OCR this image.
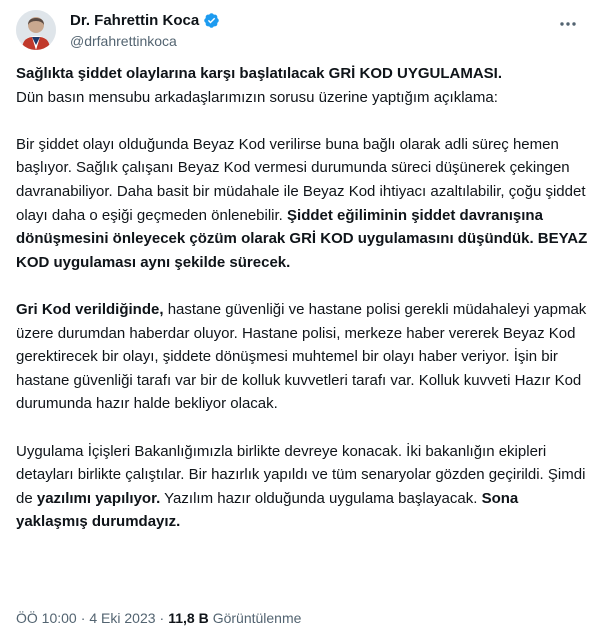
Dr. Fahrettin Koca
@drfahrettinkoca

Sağlıkta şiddet olaylarına karşı başlatılacak GRİ KOD UYGULAMASI.
Dün basın mensubu arkadaşlarımızın sorusu üzerine yaptığım açıklama:

Bir şiddet olayı olduğunda Beyaz Kod verilirse buna bağlı olarak adli süreç hemen başlıyor. Sağlık çalışanı Beyaz Kod vermesi durumunda süreci düşünerek çekingen davranabiliyor. Daha basit bir müdahale ile Beyaz Kod ihtiyacı azaltılabilir, çoğu şiddet olayı daha o eşiği geçmeden önlenebilir. Şiddet eğiliminin şiddet davranışına dönüşmesini önleyecek çözüm olarak GRİ KOD uygulamasını düşündük. BEYAZ KOD uygulaması aynı şekilde sürecek.

Gri Kod verildiğinde, hastane güvenliği ve hastane polisi gerekli müdahaleyi yapmak üzere durumdan haberdar oluyor. Hastane polisi, merkeze haber vererek Beyaz Kod gerektirecek bir olayı, şiddete dönüşmesi muhtemel bir olayı haber veriyor. İşin bir hastane güvenliği tarafı var bir de kolluk kuvvetleri tarafı var. Kolluk kuvveti Hazır Kod durumunda hazır halde bekliyor olacak.

Uygulama İçişleri Bakanlığımızla birlikte devreye konacak. İki bakanlığın ekipleri detayları birlikte çalıştılar. Bir hazırlık yapıldı ve tüm senaryolar gözden geçirildi. Şimdi de yazılımı yapılıyor. Yazılım hazır olduğunda uygulama başlayacak. Sona yaklaşmış durumdayız.

ÖÖ 10:00 · 4 Eki 2023 · 11,8 B Görüntülenme
